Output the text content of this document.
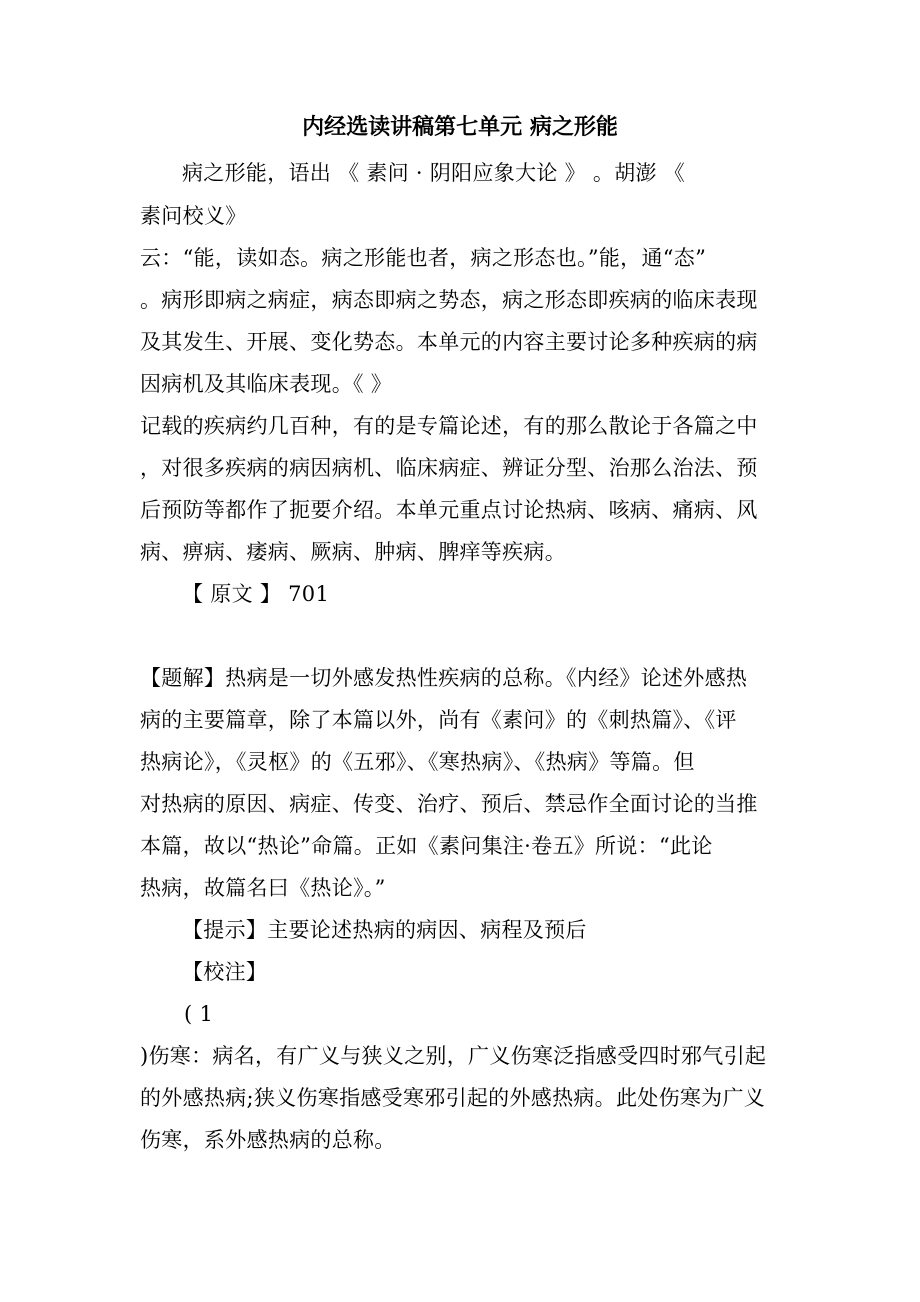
内经选读讲稿第七单元 病之形能
病之形能，语出 《 素问 · 阴阳应象大论 》 。胡澎 《
素问校义》
云：“能，读如态。病之形能也者，病之形态也。”能，通“态”
。病形即病之病症，病态即病之势态，病之形态即疾病的临床表现
及其发生、开展、变化势态。本单元的内容主要讨论多种疾病的病
因病机及其临床表现。《 》
记载的疾病约几百种，有的是专篇论述，有的那么散论于各篇之中
，对很多疾病的病因病机、临床病症、辨证分型、治那么治法、预
后预防等都作了扼要介绍。本单元重点讨论热病、咳病、痛病、风
病、痹病、痿病、厥病、肿病、脾痒等疾病。
【 原文 】 701
【题解】热病是一切外感发热性疾病的总称。《内经》论述外感热
病的主要篇章，除了本篇以外，尚有《素问》的《刺热篇》、《评
热病论》，《灵枢》的《五邪》、《寒热病》、《热病》等篇。但
对热病的原因、病症、传变、治疗、预后、禁忌作全面讨论的当推
本篇，故以“热论”命篇。正如《素问集注·卷五》所说：“此论
热病，故篇名曰《热论》。”
【提示】主要论述热病的病因、病程及预后
【校注】
( 1
)伤寒：病名，有广义与狭义之别，广义伤寒泛指感受四时邪气引起
的外感热病;狭义伤寒指感受寒邪引起的外感热病。此处伤寒为广义
伤寒，系外感热病的总称。
